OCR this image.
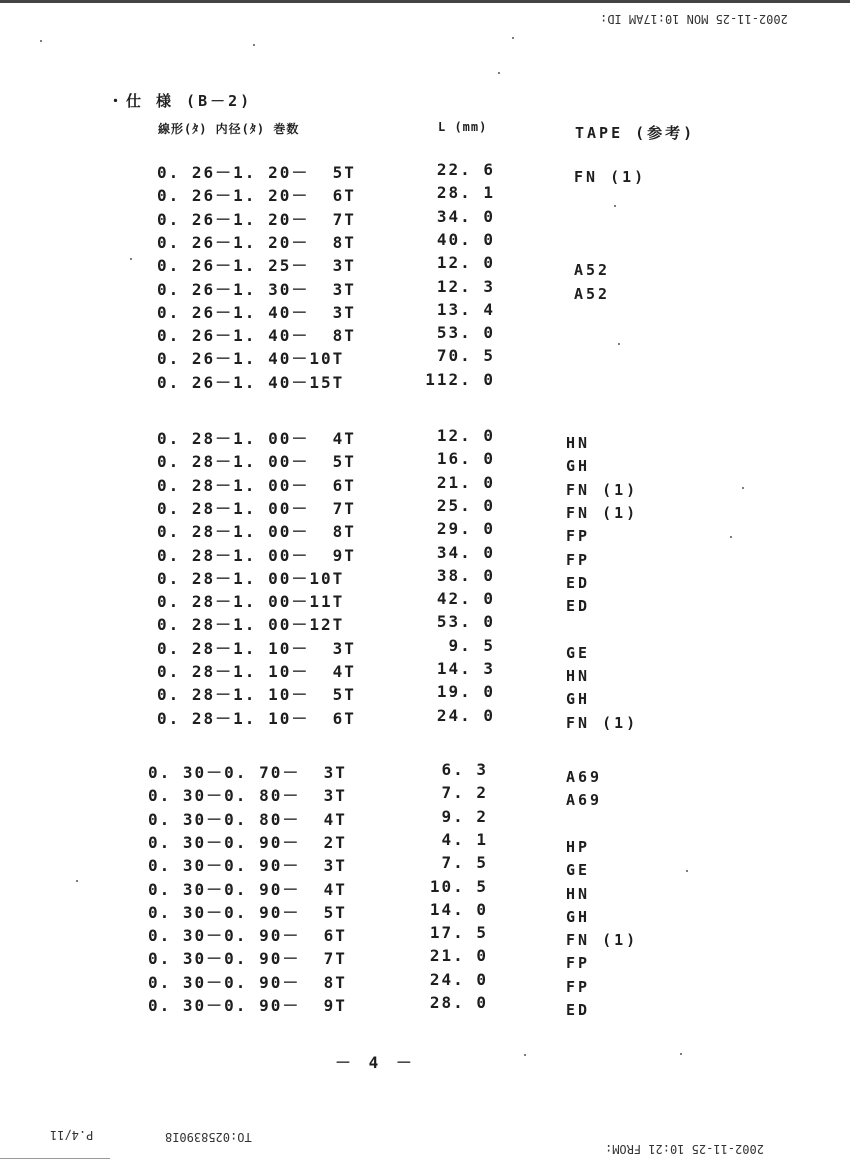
2002-11-25 MON 10:17AM ID:
・仕 様 (B－2)
線形(ﾀ) 内径(ﾀ) 巻数	L (mm)	TAPE (参考)
0. 26－1. 20－  5T	22. 6	FN (1)
0. 26－1. 20－  6T	28. 1
0. 26－1. 20－  7T	34. 0
0. 26－1. 20－  8T	40. 0
0. 26－1. 25－  3T	12. 0	A52
0. 26－1. 30－  3T	12. 3	A52
0. 26－1. 40－  3T	13. 4
0. 26－1. 40－  8T	53. 0
0. 26－1. 40－10T	70. 5
0. 26－1. 40－15T	112. 0
0. 28－1. 00－  4T	12. 0	HN
0. 28－1. 00－  5T	16. 0	GH
0. 28－1. 00－  6T	21. 0	FN (1)
0. 28－1. 00－  7T	25. 0	FN (1)
0. 28－1. 00－  8T	29. 0	FP
0. 28－1. 00－  9T	34. 0	FP
0. 28－1. 00－10T	38. 0	ED
0. 28－1. 00－11T	42. 0	ED
0. 28－1. 00－12T	53. 0
0. 28－1. 10－  3T	9. 5	GE
0. 28－1. 10－  4T	14. 3	HN
0. 28－1. 10－  5T	19. 0	GH
0. 28－1. 10－  6T	24. 0	FN (1)
0. 30－0. 70－  3T	6. 3	A69
0. 30－0. 80－  3T	7. 2	A69
0. 30－0. 80－  4T	9. 2
0. 30－0. 90－  2T	4. 1	HP
0. 30－0. 90－  3T	7. 5	GE
0. 30－0. 90－  4T	10. 5	HN
0. 30－0. 90－  5T	14. 0	GH
0. 30－0. 90－  6T	17. 5	FN (1)
0. 30－0. 90－  7T	21. 0	FP
0. 30－0. 90－  8T	24. 0	FP
0. 30－0. 90－  9T	28. 0	ED
－ 4 －
P.4/11	TO:0258390I8
2002-11-25 10:21 FROM:
